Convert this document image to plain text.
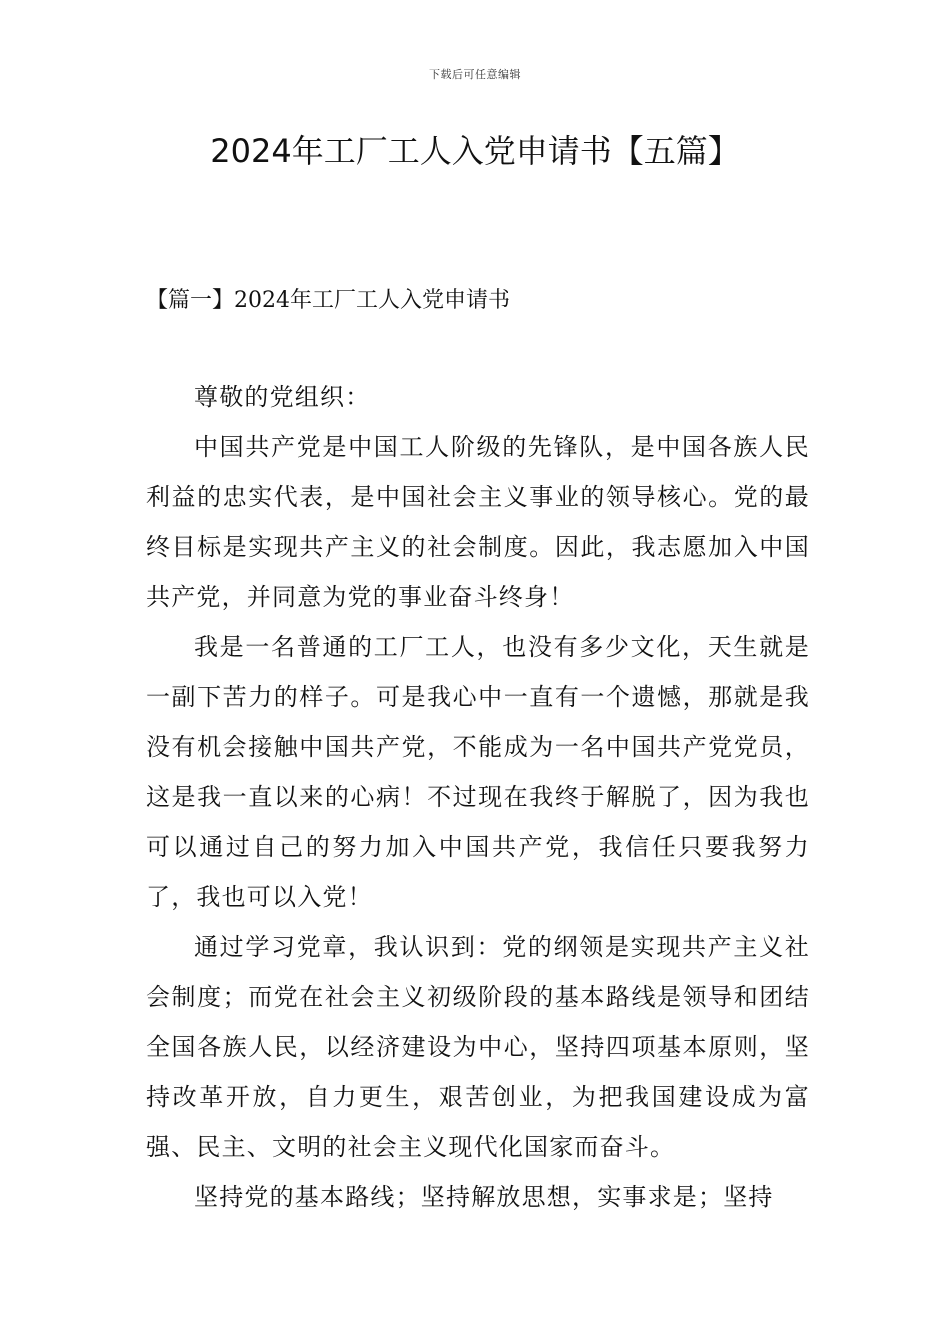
下载后可任意编辑
2024年工厂工人入党申请书【五篇】
【篇一】2024年工厂工人入党申请书

尊敬的党组织：

中国共产党是中国工人阶级的先锋队，是中国各族人民利益的忠实代表，是中国社会主义事业的领导核心。党的最终目标是实现共产主义的社会制度。因此，我志愿加入中国共产党，并同意为党的事业奋斗终身！

我是一名普通的工厂工人，也没有多少文化，天生就是一副下苦力的样子。可是我心中一直有一个遗憾，那就是我没有机会接触中国共产党，不能成为一名中国共产党党员，这是我一直以来的心病！不过现在我终于解脱了，因为我也可以通过自己的努力加入中国共产党，我信任只要我努力了，我也可以入党！

通过学习党章，我认识到：党的纲领是实现共产主义社会制度；而党在社会主义初级阶段的基本路线是领导和团结全国各族人民，以经济建设为中心，坚持四项基本原则，坚持改革开放，自力更生，艰苦创业，为把我国建设成为富强、民主、文明的社会主义现代化国家而奋斗。

坚持党的基本路线；坚持解放思想，实事求是；坚持
